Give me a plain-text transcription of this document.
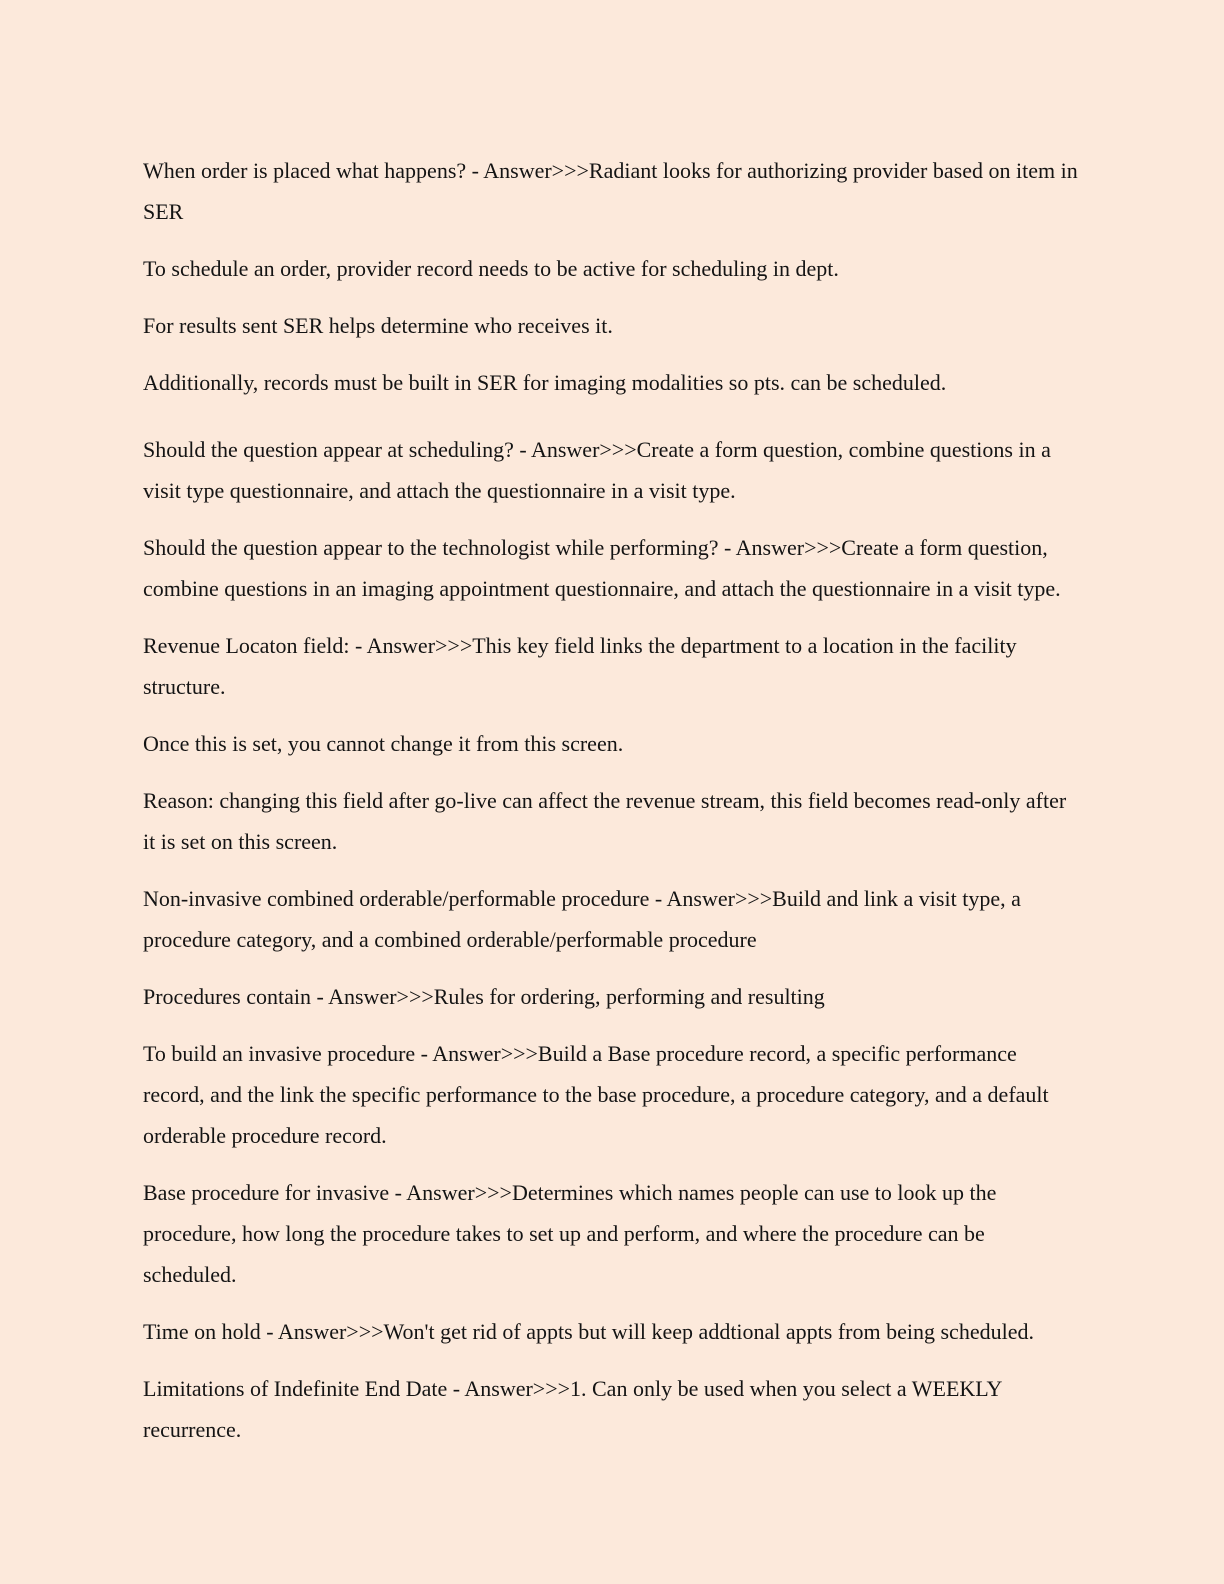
When order is placed what happens? - Answer>>>Radiant looks for authorizing provider based on item in SER

To schedule an order, provider record needs to be active for scheduling in dept.

For results sent SER helps determine who receives it.

Additionally, records must be built in SER for imaging modalities so pts. can be scheduled.

Should the question appear at scheduling? - Answer>>>Create a form question, combine questions in a visit type questionnaire, and attach the questionnaire in a visit type.

Should the question appear to the technologist while performing? - Answer>>>Create a form question, combine questions in an imaging appointment questionnaire, and attach the questionnaire in a visit type.

Revenue Locaton field: - Answer>>>This key field links the department to a location in the facility structure.

Once this is set, you cannot change it from this screen.

Reason: changing this field after go-live can affect the revenue stream, this field becomes read-only after it is set on this screen.

Non-invasive combined orderable/performable procedure - Answer>>>Build and link a visit type, a procedure category, and a combined orderable/performable procedure

Procedures contain - Answer>>>Rules for ordering, performing and resulting

To build an invasive procedure - Answer>>>Build a Base procedure record, a specific performance record, and the link the specific performance to the base procedure, a procedure category, and a default orderable procedure record.

Base procedure for invasive - Answer>>>Determines which names people can use to look up the procedure, how long the procedure takes to set up and perform, and where the procedure can be scheduled.

Time on hold - Answer>>>Won't get rid of appts but will keep addtional appts from being scheduled.

Limitations of Indefinite End Date - Answer>>>1. Can only be used when you select a WEEKLY recurrence.
